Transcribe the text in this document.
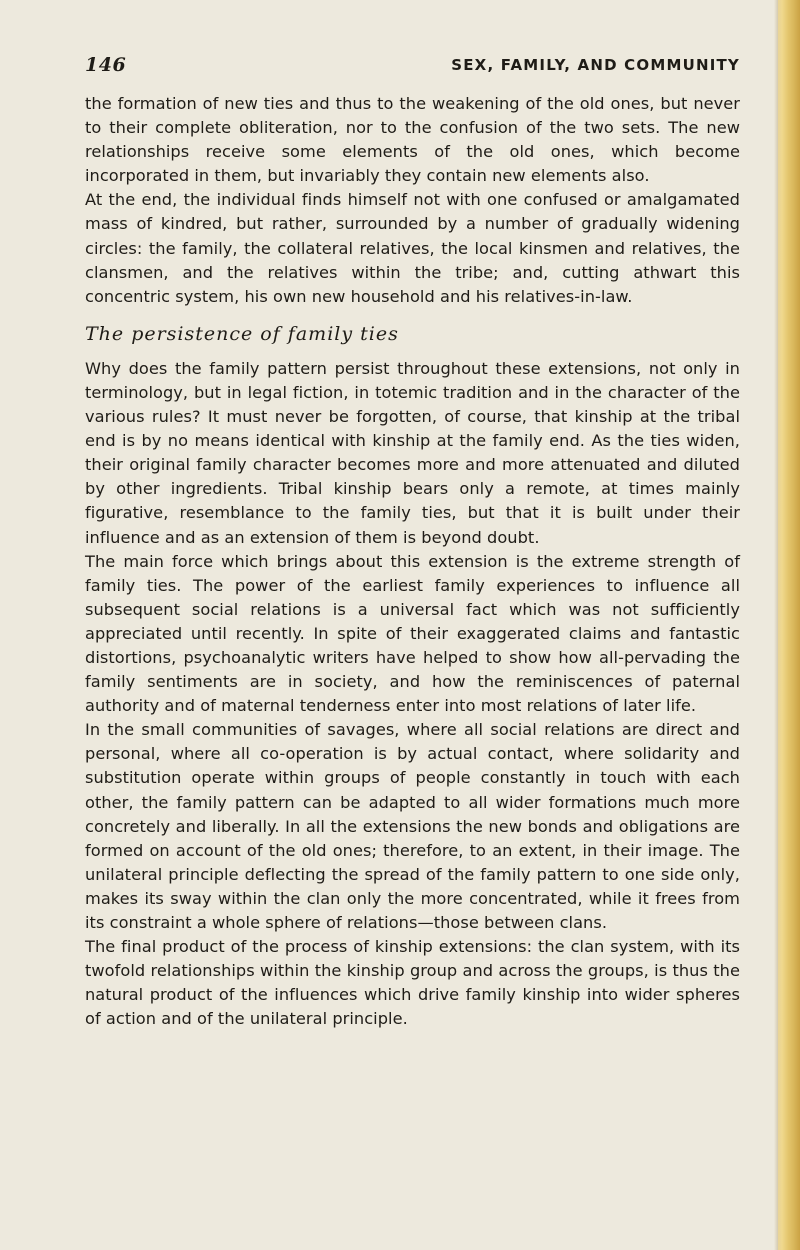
146	SEX, FAMILY, AND COMMUNITY

the formation of new ties and thus to the weakening of the old ones, but never to their complete obliteration, nor to the confusion of the two sets. The new relationships receive some elements of the old ones, which become incorporated in them, but invariably they contain new elements also.

At the end, the individual finds himself not with one confused or amalgamated mass of kindred, but rather, surrounded by a number of gradually widening circles: the family, the collateral relatives, the local kinsmen and relatives, the clansmen, and the relatives within the tribe; and, cutting athwart this concentric system, his own new household and his relatives-in-law.

The persistence of family ties

Why does the family pattern persist throughout these extensions, not only in terminology, but in legal fiction, in totemic tradition and in the character of the various rules? It must never be forgotten, of course, that kinship at the tribal end is by no means identical with kinship at the family end. As the ties widen, their original family character becomes more and more attenuated and diluted by other ingredients. Tribal kinship bears only a remote, at times mainly figurative, resemblance to the family ties, but that it is built under their influence and as an extension of them is beyond doubt.

The main force which brings about this extension is the extreme strength of family ties. The power of the earliest family experiences to influence all subsequent social relations is a universal fact which was not sufficiently appreciated until recently. In spite of their exaggerated claims and fantastic distortions, psychoanalytic writers have helped to show how all-pervading the family sentiments are in society, and how the reminiscences of paternal authority and of maternal tenderness enter into most relations of later life.

In the small communities of savages, where all social relations are direct and personal, where all co-operation is by actual contact, where solidarity and substitution operate within groups of people constantly in touch with each other, the family pattern can be adapted to all wider formations much more concretely and liberally. In all the extensions the new bonds and obligations are formed on account of the old ones; therefore, to an extent, in their image. The unilateral principle deflecting the spread of the family pattern to one side only, makes its sway within the clan only the more concentrated, while it frees from its constraint a whole sphere of relations—those between clans.

The final product of the process of kinship extensions: the clan system, with its twofold relationships within the kinship group and across the groups, is thus the natural product of the influences which drive family kinship into wider spheres of action and of the unilateral principle.
